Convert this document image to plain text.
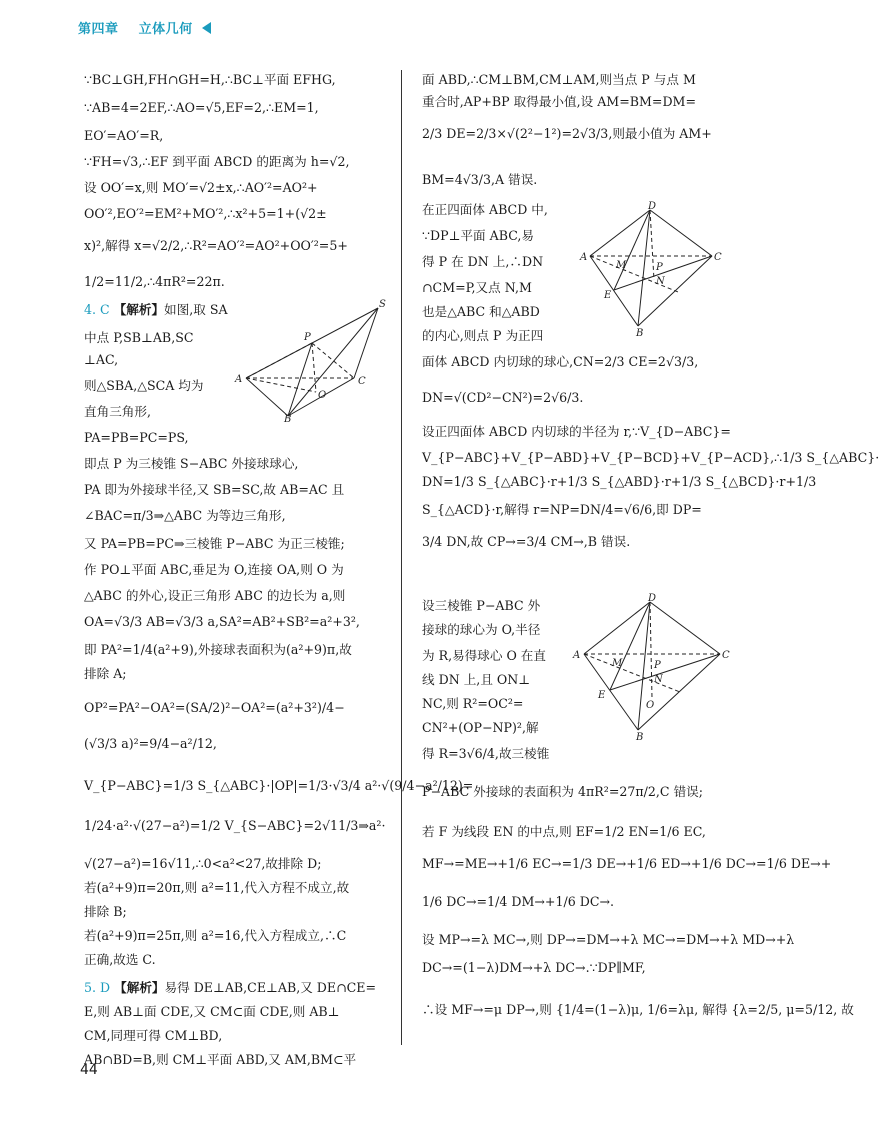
第四章 立体几何
∵BC⊥GH,FH∩GH=H,∴BC⊥平面 EFHG,
∵AB=4=2EF,∴AO=√5,EF=2,∴EM=1,
EO′=AO′=R,
∵FH=√3,∴EF 到平面 ABCD 的距离为 h=√2,
设 OO′=x,则 MO′=√2±x,∴AO′²=AO²+
OO′²,EO′²=EM²+MO′²,∴x²+5=1+(√2±
x)²,解得 x=√2/2,∴R²=AO′²=AO²+OO′²=5+
1/2=11/2,∴4πR²=22π.
4. C 【解析】如图,取 SA
中点 P,SB⊥AB,SC
⊥AC,
则△SBA,△SCA 均为
直角三角形,
PA=PB=PC=PS,
即点 P 为三棱锥 S−ABC 外接球球心,
PA 即为外接球半径,又 SB=SC,故 AB=AC 且
∠BAC=π/3⇒△ABC 为等边三角形,
又 PA=PB=PC⇒三棱锥 P−ABC 为正三棱锥;
作 PO⊥平面 ABC,垂足为 O,连接 OA,则 O 为
△ABC 的外心,设正三角形 ABC 的边长为 a,则
OA=√3/3 AB=√3/3 a,SA²=AB²+SB²=a²+3²,
即 PA²=1/4(a²+9),外接球表面积为(a²+9)π,故
排除 A;
OP²=PA²−OA²=(SA/2)²−OA²=(a²+3²)/4−
(√3/3 a)²=9/4−a²/12,
V_{P−ABC}=1/3 S_{△ABC}·|OP|=1/3·√3/4 a²·√(9/4−a²/12)=
1/24·a²·√(27−a²)=1/2 V_{S−ABC}=2√11/3⇒a²·
√(27−a²)=16√11,∴0<a²<27,故排除 D;
若(a²+9)π=20π,则 a²=11,代入方程不成立,故
排除 B;
若(a²+9)π=25π,则 a²=16,代入方程成立,∴C
正确,故选 C.
5. D 【解析】易得 DE⊥AB,CE⊥AB,又 DE∩CE=
E,则 AB⊥面 CDE,又 CM⊂面 CDE,则 AB⊥
CM,同理可得 CM⊥BD,
AB∩BD=B,则 CM⊥平面 ABD,又 AM,BM⊂平
面 ABD,∴CM⊥BM,CM⊥AM,则当点 P 与点 M
重合时,AP+BP 取得最小值,设 AM=BM=DM=
2/3 DE=2/3×√(2²−1²)=2√3/3,则最小值为 AM+
BM=4√3/3,A 错误.
在正四面体 ABCD 中,
∵DP⊥平面 ABC,易
得 P 在 DN 上,∴DN
∩CM=P,又点 N,M
也是△ABC 和△ABD
的内心,则点 P 为正四
面体 ABCD 内切球的球心,CN=2/3 CE=2√3/3,
DN=√(CD²−CN²)=2√6/3.
设正四面体 ABCD 内切球的半径为 r,∵V_{D−ABC}=
V_{P−ABC}+V_{P−ABD}+V_{P−BCD}+V_{P−ACD},∴1/3 S_{△ABC}·
DN=1/3 S_{△ABC}·r+1/3 S_{△ABD}·r+1/3 S_{△BCD}·r+1/3
S_{△ACD}·r,解得 r=NP=DN/4=√6/6,即 DP=
3/4 DN,故 CP→=3/4 CM→,B 错误.
设三棱锥 P−ABC 外
接球的球心为 O,半径
为 R,易得球心 O 在直
线 DN 上,且 ON⊥
NC,则 R²=OC²=
CN²+(OP−NP)²,解
得 R=3√6/4,故三棱锥
P−ABC 外接球的表面积为 4πR²=27π/2,C 错误;
若 F 为线段 EN 的中点,则 EF=1/2 EN=1/6 EC,
MF→=ME→+1/6 EC→=1/3 DE→+1/6 ED→+1/6 DC→=1/6 DE→+
1/6 DC→=1/4 DM→+1/6 DC→.
设 MP→=λ MC→,则 DP→=DM→+λ MC→=DM→+λ MD→+λ
DC→=(1−λ)DM→+λ DC→.∵DP∥MF,
∴设 MF→=μ DP→,则 {1/4=(1−λ)μ, 1/6=λμ, 解得 {λ=2/5, μ=5/12, 故
S
P
A	C
O
B
D
A
M	P
N
C
E
B
D
A
M	P
N
O
C
E
B
44
